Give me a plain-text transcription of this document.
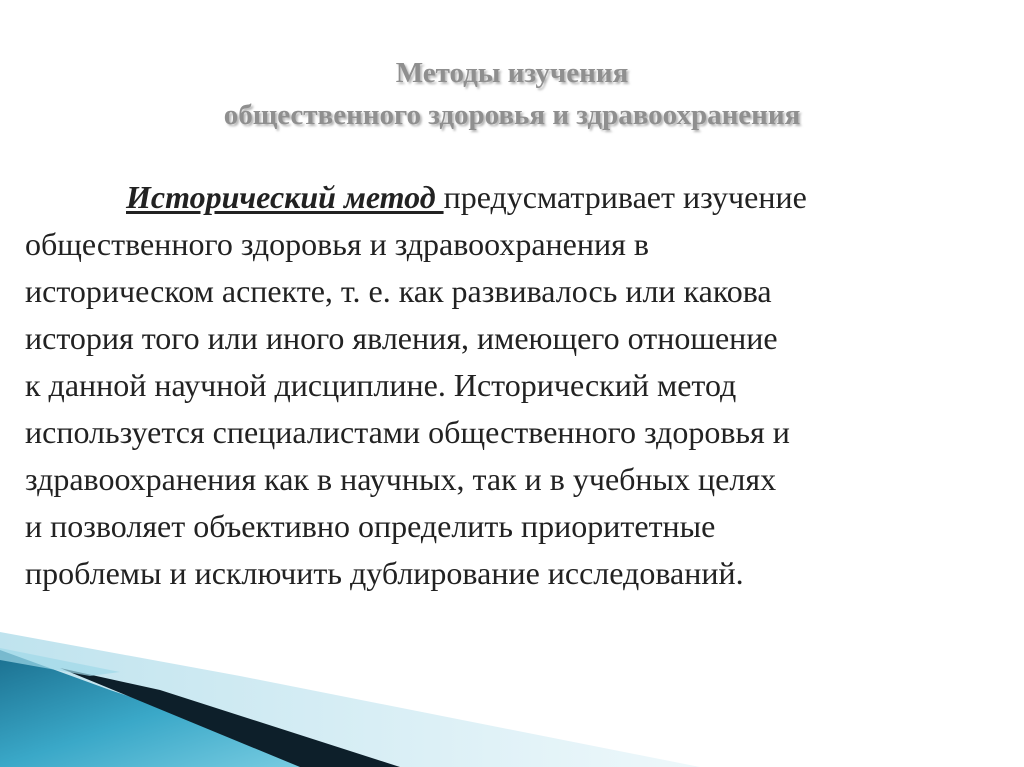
Методы изучения
общественного здоровья и здравоохранения
Исторический метод предусматривает изучение
общественного здоровья и здравоохранения в
историческом аспекте, т. е. как развивалось или какова
история того или иного явления, имеющего отношение
к данной научной дисциплине. Исторический метод
используется специалистами общественного здоровья и
здравоохранения как в научных, так и в учебных целях
и позволяет объективно определить приоритетные
проблемы и исключить дублирование исследований.
